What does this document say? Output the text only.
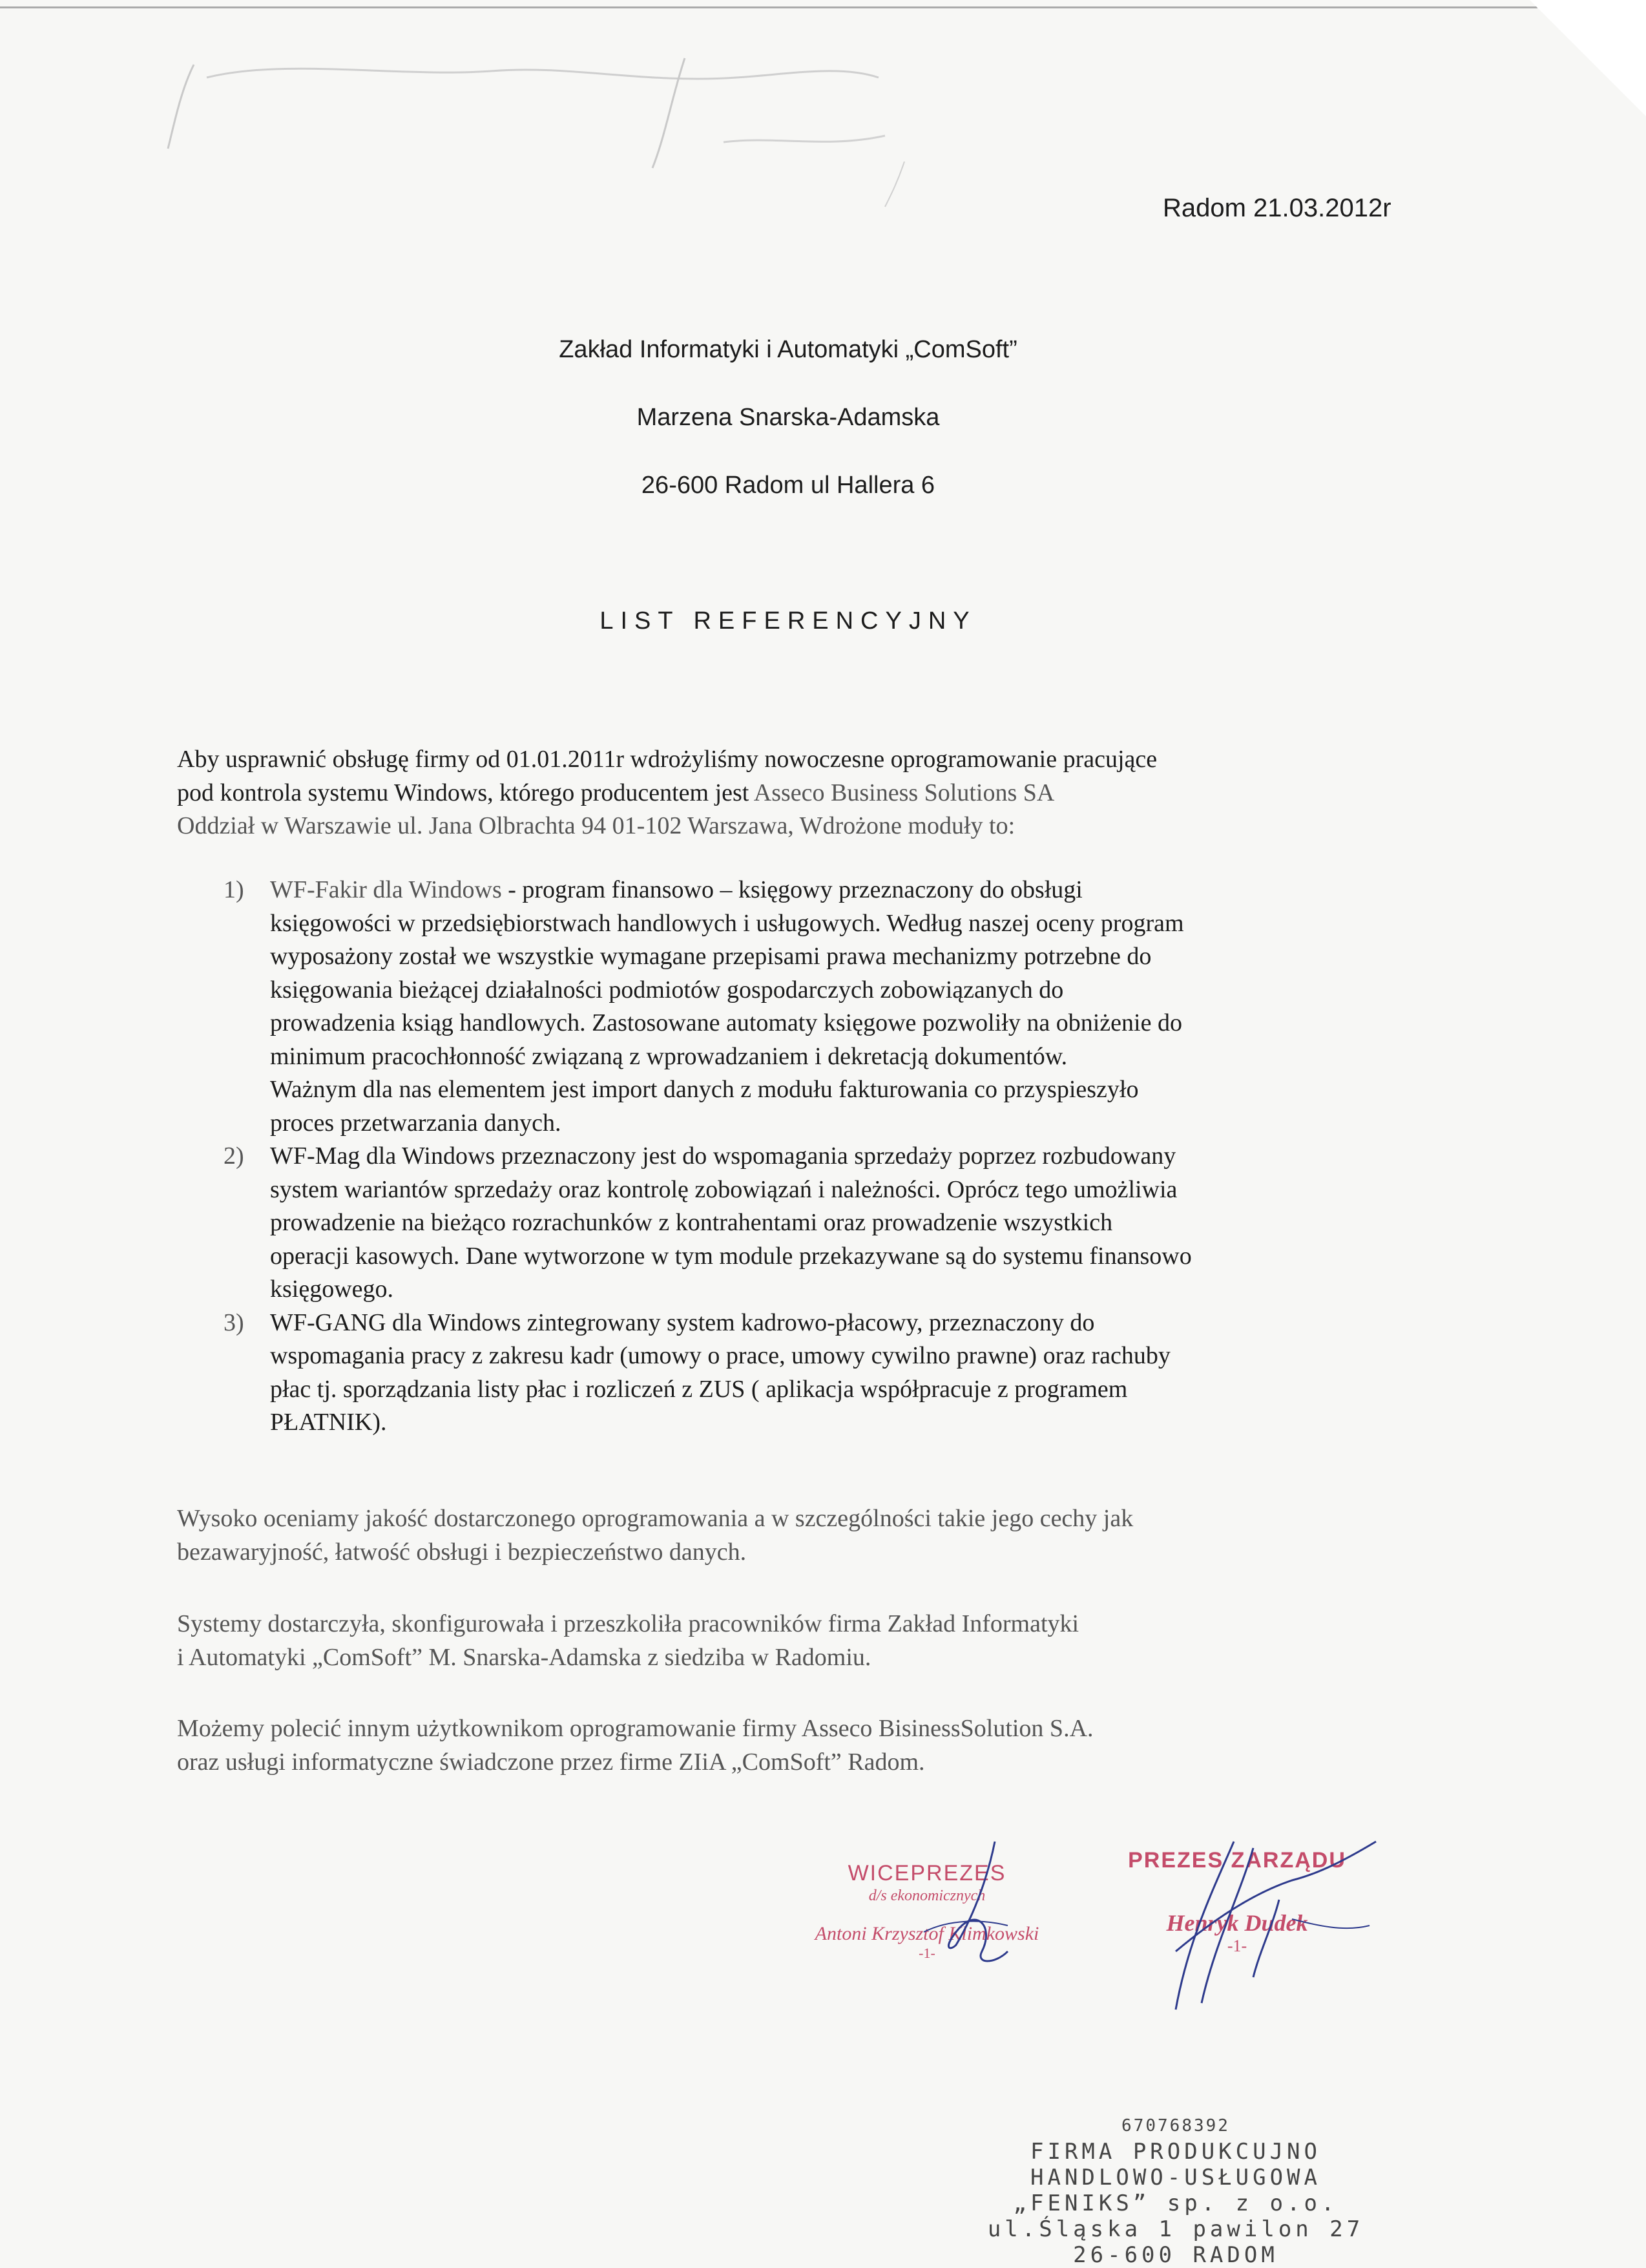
Radom 21.03.2012r
Zakład Informatyki i Automatyki „ComSoft”
Marzena Snarska-Adamska
26-600 Radom ul Hallera 6
LIST REFERENCYJNY
Aby usprawnić obsługę firmy od 01.01.2011r wdrożyliśmy nowoczesne oprogramowanie pracujące
pod kontrola systemu Windows, którego producentem jest Asseco Business Solutions SA
Oddział w Warszawie ul. Jana Olbrachta 94 01-102 Warszawa, Wdrożone moduły to:
1) WF-Fakir dla Windows - program finansowo – księgowy przeznaczony do obsługi
księgowości w przedsiębiorstwach handlowych i usługowych. Według naszej oceny program
wyposażony został we wszystkie wymagane przepisami prawa mechanizmy potrzebne do
księgowania bieżącej działalności podmiotów gospodarczych zobowiązanych do
prowadzenia ksiąg handlowych. Zastosowane automaty księgowe pozwoliły na obniżenie do
minimum pracochłonność związaną z wprowadzaniem i dekretacją dokumentów.
Ważnym dla nas elementem jest import danych z modułu fakturowania co przyspieszyło
proces przetwarzania danych.
2) WF-Mag dla Windows przeznaczony jest do wspomagania sprzedaży poprzez rozbudowany
system wariantów sprzedaży oraz kontrolę zobowiązań i należności. Oprócz tego umożliwia
prowadzenie na bieżąco rozrachunków z kontrahentami oraz prowadzenie wszystkich
operacji kasowych. Dane wytworzone w tym module przekazywane są do systemu finansowo
księgowego.
3) WF-GANG dla Windows zintegrowany system kadrowo-płacowy, przeznaczony do
wspomagania pracy z zakresu kadr (umowy o prace, umowy cywilno prawne) oraz rachuby
płac tj. sporządzania listy płac i rozliczeń z ZUS ( aplikacja współpracuje z programem
PŁATNIK).
Wysoko oceniamy jakość dostarczonego oprogramowania a w szczególności takie jego cechy jak
bezawaryjność, łatwość obsługi i bezpieczeństwo danych.
Systemy dostarczyła, skonfigurowała i przeszkoliła pracowników firma Zakład Informatyki
i Automatyki „ComSoft” M. Snarska-Adamska z siedziba w Radomiu.
Możemy polecić innym użytkownikom oprogramowanie firmy Asseco BisinessSolution S.A.
oraz usługi informatyczne świadczone przez firme ZIiA „ComSoft” Radom.
WICEPREZES
d/s ekonomicznych
Antoni Krzysztof Klimkowski
-1-
PREZES ZARZĄDU
Henryk Dudek
-1-
670768392
FIRMA PRODUKCUJNO
HANDLOWO-USŁUGOWA
„FENIKS” sp. z o.o.
ul.Śląska 1 pawilon 27
26-600 RADOM
